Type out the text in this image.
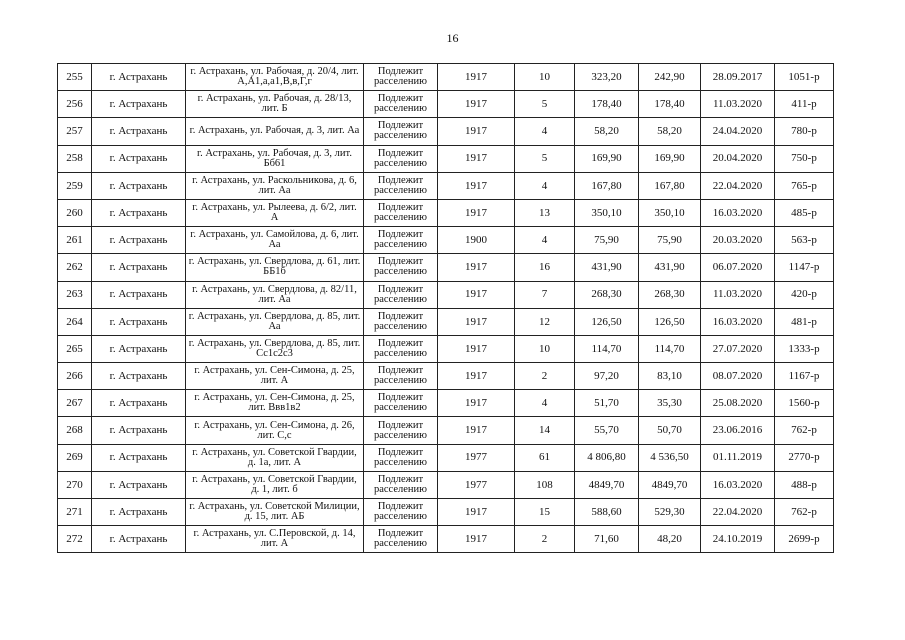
16
255	г. Астрахань	г. Астрахань, ул. Рабочая, д. 20/4, лит. А,А1,а,а1,В,в,Г,г	Подлежит расселению	1917	10	323,20	242,90	28.09.2017	1051-р
256	г. Астрахань	г. Астрахань, ул. Рабочая, д. 28/13, лит. Б	Подлежит расселению	1917	5	178,40	178,40	11.03.2020	411-р
257	г. Астрахань	г. Астрахань, ул. Рабочая, д. 3, лит. Аа	Подлежит расселению	1917	4	58,20	58,20	24.04.2020	780-р
258	г. Астрахань	г. Астрахань, ул. Рабочая, д. 3, лит. Бб61	Подлежит расселению	1917	5	169,90	169,90	20.04.2020	750-р
259	г. Астрахань	г. Астрахань, ул. Раскольникова, д. 6, лит. Аа	Подлежит расселению	1917	4	167,80	167,80	22.04.2020	765-р
260	г. Астрахань	г. Астрахань, ул. Рылеева, д. 6/2, лит. А	Подлежит расселению	1917	13	350,10	350,10	16.03.2020	485-р
261	г. Астрахань	г. Астрахань, ул. Самойлова, д. 6, лит. Аа	Подлежит расселению	1900	4	75,90	75,90	20.03.2020	563-р
262	г. Астрахань	г. Астрахань, ул. Свердлова, д. 61, лит. ББ1б	Подлежит расселению	1917	16	431,90	431,90	06.07.2020	1147-р
263	г. Астрахань	г. Астрахань, ул. Свердлова, д. 82/11, лит. Аа	Подлежит расселению	1917	7	268,30	268,30	11.03.2020	420-р
264	г. Астрахань	г. Астрахань, ул. Свердлова, д. 85, лит. Аа	Подлежит расселению	1917	12	126,50	126,50	16.03.2020	481-р
265	г. Астрахань	г. Астрахань, ул. Свердлова, д. 85, лит. Сс1с2с3	Подлежит расселению	1917	10	114,70	114,70	27.07.2020	1333-р
266	г. Астрахань	г. Астрахань, ул. Сен-Симона, д. 25, лит. А	Подлежит расселению	1917	2	97,20	83,10	08.07.2020	1167-р
267	г. Астрахань	г. Астрахань, ул. Сен-Симона, д. 25, лит. Ввв1в2	Подлежит расселению	1917	4	51,70	35,30	25.08.2020	1560-р
268	г. Астрахань	г. Астрахань, ул. Сен-Симона, д. 26, лит. С,с	Подлежит расселению	1917	14	55,70	50,70	23.06.2016	762-р
269	г. Астрахань	г. Астрахань, ул. Советской Гвардии, д. 1а, лит. А	Подлежит расселению	1977	61	4 806,80	4 536,50	01.11.2019	2770-р
270	г. Астрахань	г. Астрахань, ул. Советской Гвардии, д. 1, лит. б	Подлежит расселению	1977	108	4849,70	4849,70	16.03.2020	488-р
271	г. Астрахань	г. Астрахань, ул. Советской Милиции, д. 15, лит. АБ	Подлежит расселению	1917	15	588,60	529,30	22.04.2020	762-р
272	г. Астрахань	г. Астрахань, ул. С.Перовской, д. 14, лит. А	Подлежит расселению	1917	2	71,60	48,20	24.10.2019	2699-р
